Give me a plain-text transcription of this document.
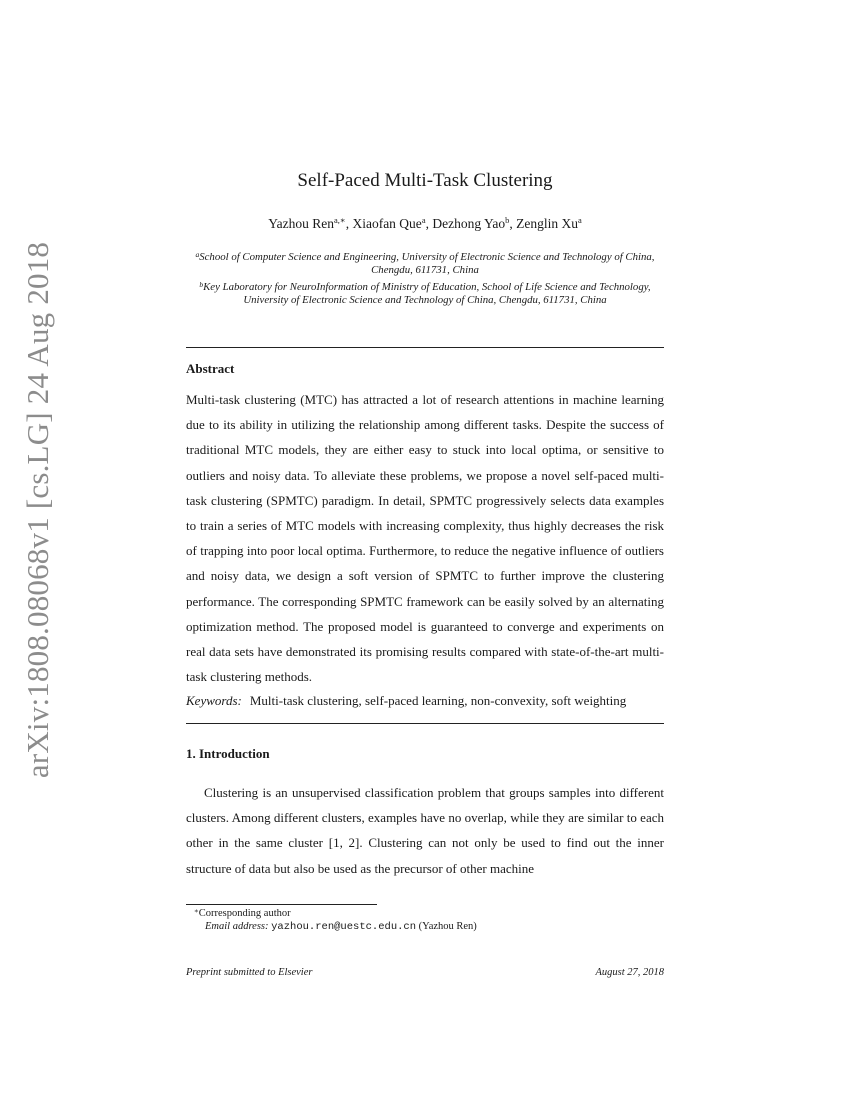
arXiv:1808.08068v1 [cs.LG] 24 Aug 2018
Self-Paced Multi-Task Clustering
Yazhou Ren$^{a,∗}$, Xiaofan Que$^a$, Dezhong Yao$^b$, Zenglin Xu$^a$
$^a$School of Computer Science and Engineering, University of Electronic Science and Technology of China,
Chengdu, 611731, China
$^b$Key Laboratory for NeuroInformation of Ministry of Education, School of Life Science and Technology,
University of Electronic Science and Technology of China, Chengdu, 611731, China
Abstract
Multi-task clustering (MTC) has attracted a lot of research attentions in machine learning due to its ability in utilizing the relationship among different tasks. Despite the success of traditional MTC models, they are either easy to stuck into local optima, or sensitive to outliers and noisy data. To alleviate these problems, we propose a novel self-paced multi-task clustering (SPMTC) paradigm. In detail, SPMTC progressively selects data examples to train a series of MTC models with increasing complexity, thus highly decreases the risk of trapping into poor local optima. Furthermore, to reduce the negative influence of outliers and noisy data, we design a soft version of SPMTC to further improve the clustering performance. The corresponding SPMTC framework can be easily solved by an alternating optimization method. The proposed model is guaranteed to converge and experiments on real data sets have demonstrated its promising results compared with state-of-the-art multi-task clustering methods.
Keywords: Multi-task clustering, self-paced learning, non-convexity, soft weighting
1. Introduction
Clustering is an unsupervised classification problem that groups samples into different clusters. Among different clusters, examples have no overlap, while they are similar to each other in the same cluster [1, 2]. Clustering can not only be used to find out the inner structure of data but also be used as the precursor of other machine
∗Corresponding author
Email address: yazhou.ren@uestc.edu.cn (Yazhou Ren)
Preprint submitted to Elsevier	August 27, 2018
